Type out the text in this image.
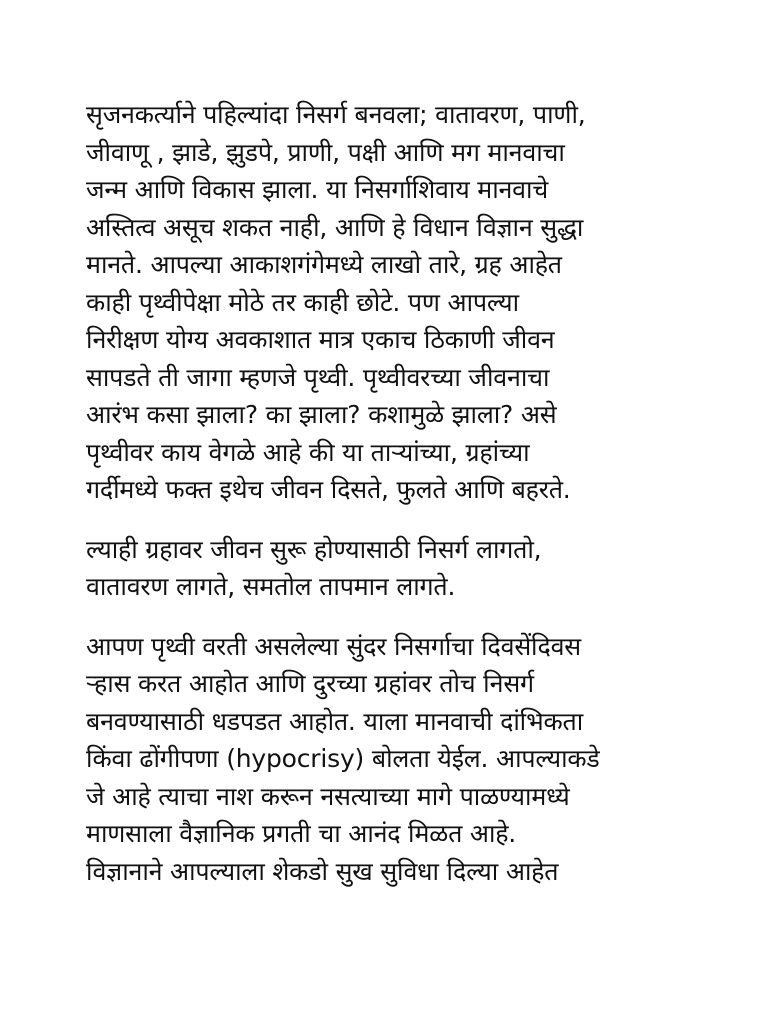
सृजनकर्त्याने पहिल्यांदा निसर्ग बनवला; वातावरण, पाणी,
जीवाणू , झाडे, झुडपे, प्राणी, पक्षी आणि मग मानवाचा
जन्म आणि विकास झाला. या निसर्गाशिवाय मानवाचे
अस्तित्व असूच शकत नाही, आणि हे विधान विज्ञान सुद्धा
मानते. आपल्या आकाशगंगेमध्ये लाखो तारे, ग्रह आहेत
काही पृथ्वीपेक्षा मोठे तर काही छोटे. पण आपल्या
निरीक्षण योग्य अवकाशात मात्र एकाच ठिकाणी जीवन
सापडते ती जागा म्हणजे पृथ्वी. पृथ्वीवरच्या जीवनाचा
आरंभ कसा झाला? का झाला? कशामुळे झाला? असे
पृथ्वीवर काय वेगळे आहे की या ताऱ्यांच्या, ग्रहांच्या
गर्दीमध्ये फक्त इथेच जीवन दिसते, फुलते आणि बहरते.

ल्याही ग्रहावर जीवन सुरू होण्यासाठी निसर्ग लागतो,
वातावरण लागते, समतोल तापमान लागते.

आपण पृथ्वी वरती असलेल्या सुंदर निसर्गाचा दिवसेंदिवस
ऱ्हास करत आहोत आणि दुरच्या ग्रहांवर तोच निसर्ग
बनवण्यासाठी धडपडत आहोत. याला मानवाची दांभिकता
किंवा ढोंगीपणा (hypocrisy) बोलता येईल. आपल्याकडे
जे आहे त्याचा नाश करून नसत्याच्या मागे पाळण्यामध्ये
माणसाला वैज्ञानिक प्रगती चा आनंद मिळत आहे.
विज्ञानाने आपल्याला शेकडो सुख सुविधा दिल्या आहेत
